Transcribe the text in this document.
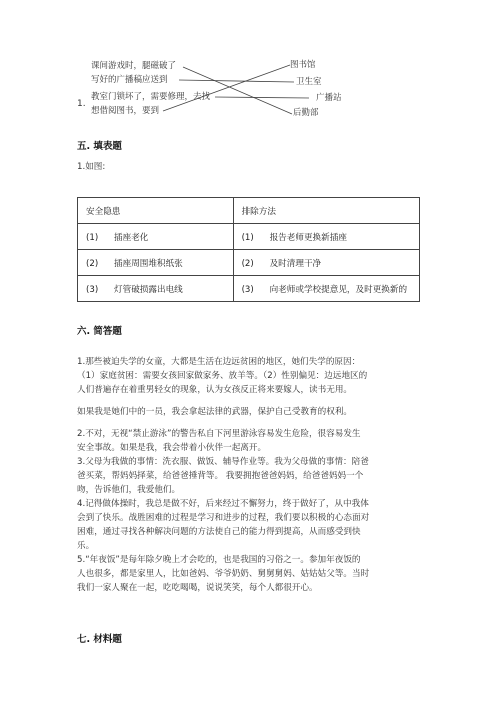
课间游戏时，腿磁破了
写好的广播稿应送到
教室门锁坏了，需要修理，去找
想借阅图书，要到
1.
图书馆
卫生室
广播站
后勤部
五. 填表题
1.如图:
安全隐患	排除方法

(1) 插座老化	(1) 报告老师更换新插座

(2) 插座周围堆积纸张	(2) 及时清理干净

(3) 灯管破损露出电线	(3) 向老师或学校提意见，及时更换新的
六. 简答题
1.那些被迫失学的女童，大都是生活在边远贫困的地区，她们失学的原因：
（1）家庭贫困：需要女孩回家做家务、放羊等。（2）性别偏见：边远地区的
人们普遍存在着重男轻女的现象，认为女孩反正将来要嫁人，读书无用。
如果我是她们中的一员，我会拿起法律的武器，保护自己受教育的权利。
2.不对，无视“禁止游泳”的警告私自下河里游泳容易发生危险，很容易发生
安全事故。如果是我，我会带着小伙伴一起离开。
3.父母为我做的事情：洗衣服、做饭、辅导作业等。我为父母做的事情：陪爸
爸买菜，帮妈妈择菜，给爸爸捶背等。 我要拥抱爸爸妈妈，给爸爸妈妈一个
吻，告诉他们，我爱他们。
4.记得做体操时，我总是做不好，后来经过不懈努力，终于做好了，从中我体
会到了快乐。战胜困难的过程是学习和进步的过程，我们要以积极的心态面对
困难，通过寻找各种解决问题的方法使自己的能力得到提高，从而感受到快
乐。
5.“年夜饭”是每年除夕晚上才会吃的，也是我国的习俗之一。参加年夜饭的
人也很多，都是家里人，比如爸妈、爷爷奶奶、舅舅舅妈、姑姑姑父等。当时
我们一家人聚在一起，吃吃喝喝，说说笑笑，每个人都很开心。
七. 材料题
